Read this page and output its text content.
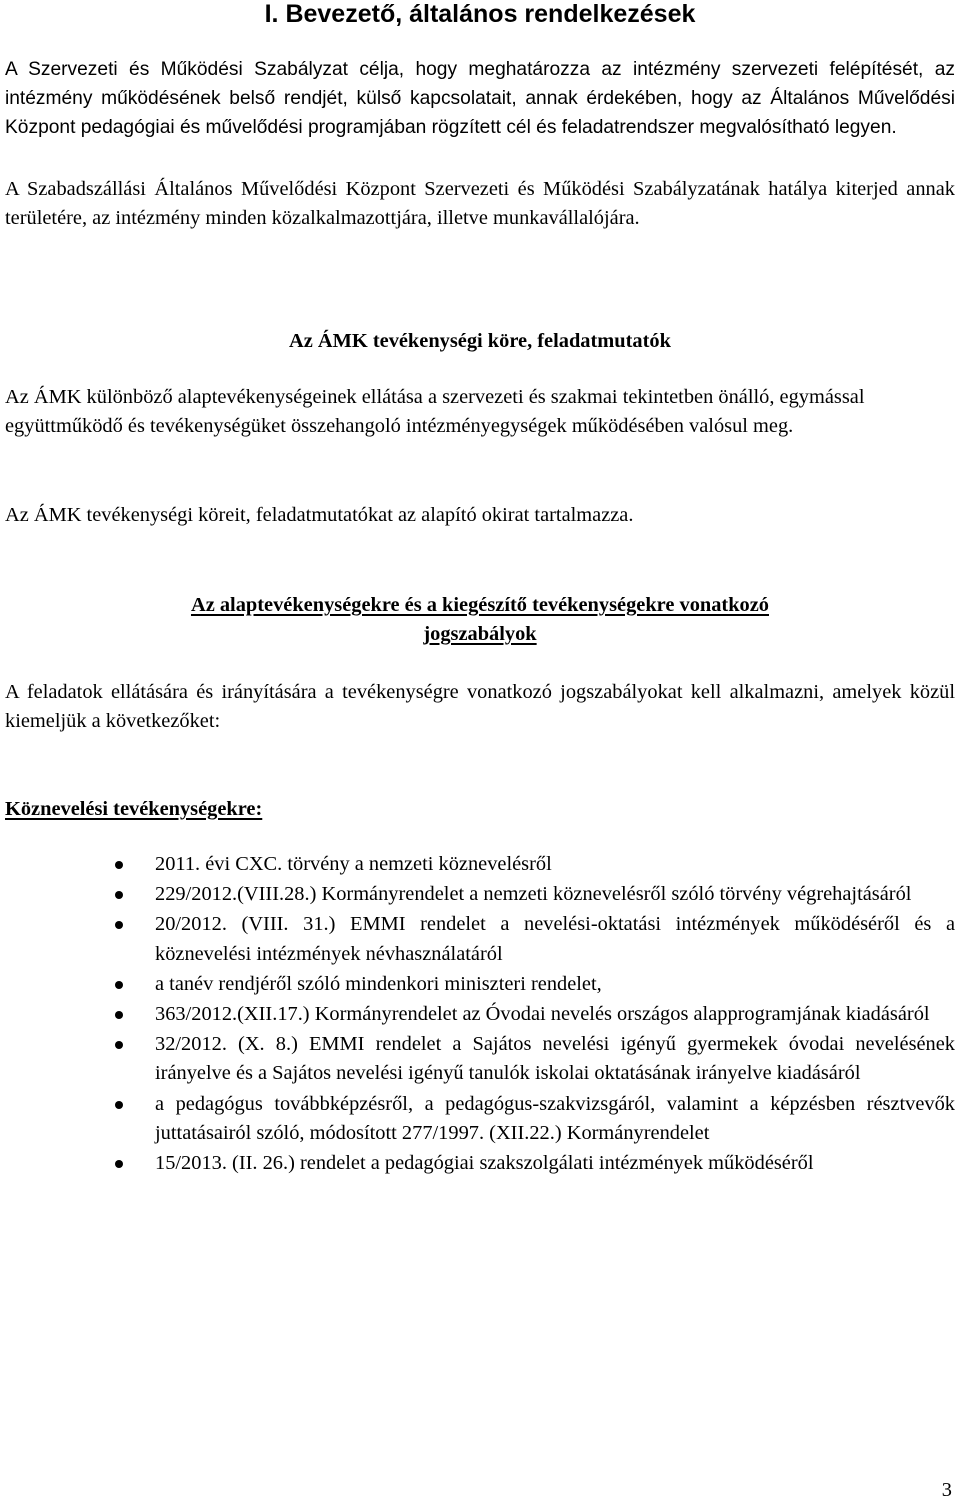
I. Bevezető, általános rendelkezések

A Szervezeti és Működési Szabályzat célja, hogy meghatározza az intézmény szervezeti felépítését, az intézmény működésének belső rendjét, külső kapcsolatait, annak érdekében, hogy az Általános Művelődési Központ pedagógiai és művelődési programjában rögzített cél és feladatrendszer megvalósítható legyen.

A Szabadszállási Általános Művelődési Központ Szervezeti és Működési Szabályzatának hatálya kiterjed annak területére, az intézmény minden közalkalmazottjára, illetve munkavállalójára.

Az ÁMK tevékenységi köre, feladatmutatók

Az ÁMK különböző alaptevékenységeinek ellátása a szervezeti és szakmai tekintetben önálló, egymással együttműködő és tevékenységüket összehangoló intézményegységek működésében valósul meg.

Az ÁMK tevékenységi köreit, feladatmutatókat az alapító okirat tartalmazza.

Az alaptevékenységekre és a kiegészítő tevékenységekre vonatkozó
jogszabályok

A feladatok ellátására és irányítására a tevékenységre vonatkozó jogszabályokat kell alkalmazni, amelyek közül kiemeljük a következőket:

Köznevelési tevékenységekre:
2011. évi CXC. törvény a nemzeti köznevelésről
229/2012.(VIII.28.) Kormányrendelet a nemzeti köznevelésről szóló törvény végrehajtásáról
20/2012. (VIII. 31.) EMMI rendelet a nevelési-oktatási intézmények működéséről és a köznevelési intézmények névhasználatáról
a tanév rendjéről szóló mindenkori miniszteri rendelet,
363/2012.(XII.17.) Kormányrendelet az Óvodai nevelés országos alapprogramjának kiadásáról
32/2012. (X. 8.) EMMI rendelet a Sajátos nevelési igényű gyermekek óvodai nevelésének irányelve és a Sajátos nevelési igényű tanulók iskolai oktatásának irányelve kiadásáról
a pedagógus továbbképzésről, a pedagógus-szakvizsgáról, valamint a képzésben résztvevők juttatásairól szóló, módosított 277/1997. (XII.22.) Kormányrendelet
15/2013. (II. 26.) rendelet a pedagógiai szakszolgálati intézmények működéséről
3
